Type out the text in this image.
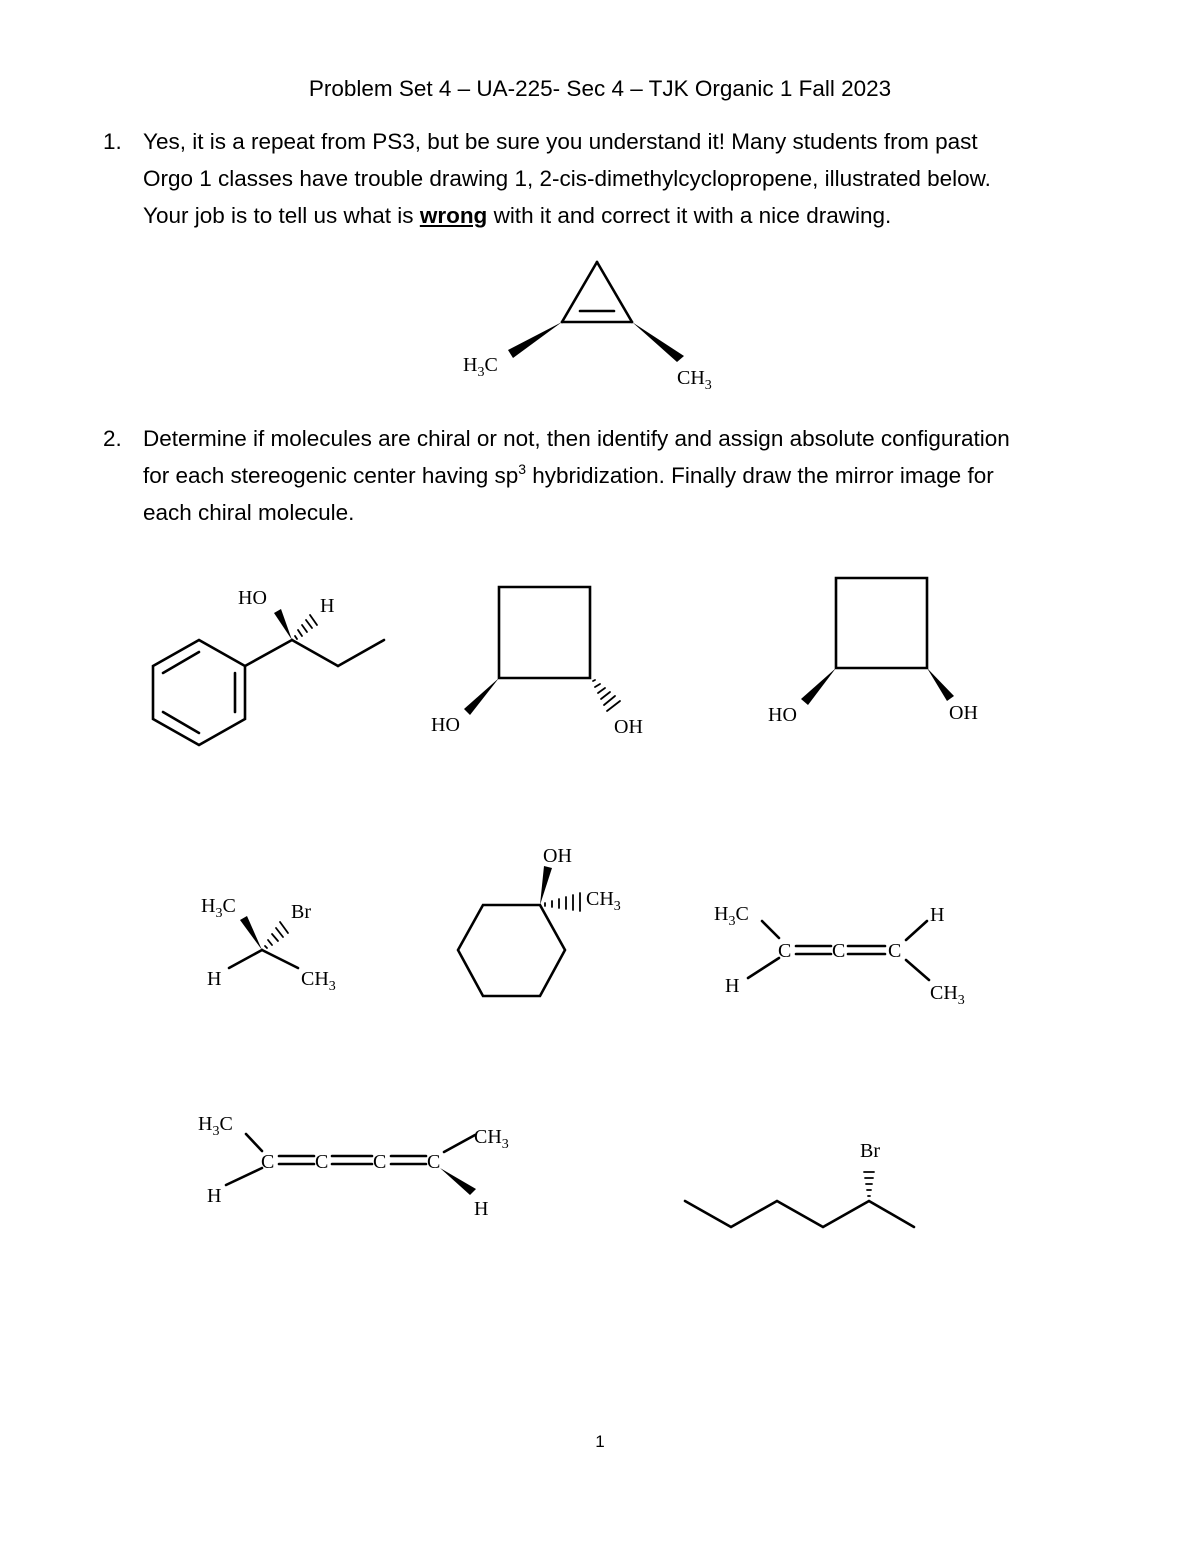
Problem Set 4 – UA-225- Sec 4 – TJK Organic 1 Fall 2023
1. Yes, it is a repeat from PS3, but be sure you understand it! Many students from past
Orgo 1 classes have trouble drawing 1, 2-cis-dimethylcyclopropene, illustrated below.
Your job is to tell us what is wrong with it and correct it with a nice drawing.
2. Determine if molecules are chiral or not, then identify and assign absolute configuration
for each stereogenic center having $sp^3$ hybridization. Finally draw the mirror image for
each chiral molecule.
$H_3C$
$CH_3$
HO	H
HO	OH
HO	OH
$H_3C$	Br
H	$CH_3$
OH
$CH_3$
C C C
$H_3C$	H
H	$CH_3$
C C C C
$H_3C$
$CH_3$
H
H
Br
1
